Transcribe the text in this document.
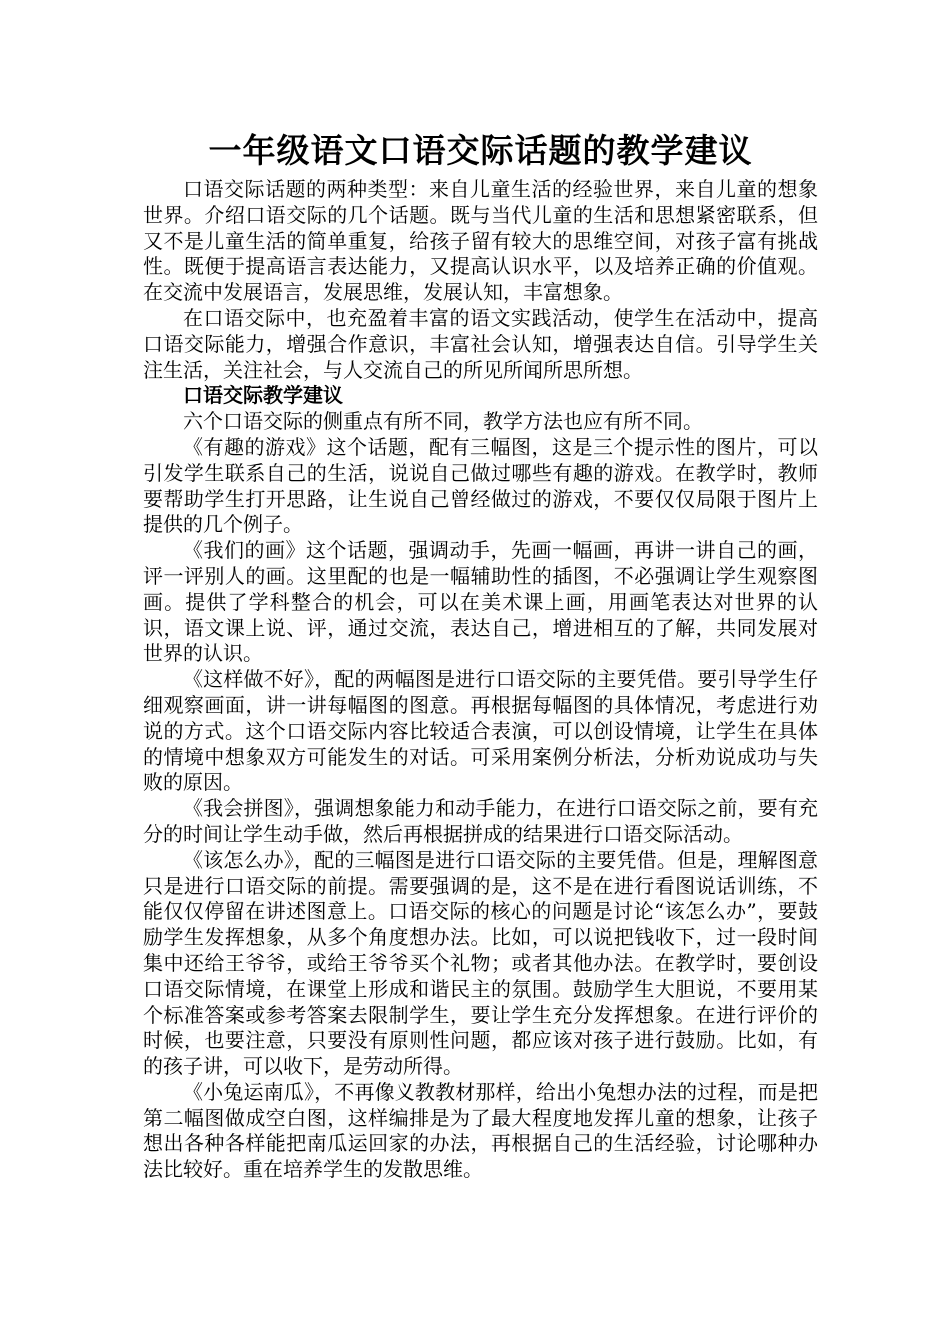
一年级语文口语交际话题的教学建议

口语交际话题的两种类型：来自儿童生活的经验世界，来自儿童的想象世界。介绍口语交际的几个话题。既与当代儿童的生活和思想紧密联系，但又不是儿童生活的简单重复，给孩子留有较大的思维空间，对孩子富有挑战性。既便于提高语言表达能力，又提高认识水平，以及培养正确的价值观。在交流中发展语言，发展思维，发展认知，丰富想象。

在口语交际中，也充盈着丰富的语文实践活动，使学生在活动中，提高口语交际能力，增强合作意识，丰富社会认知，增强表达自信。引导学生关注生活，关注社会，与人交流自己的所见所闻所思所想。

口语交际教学建议

六个口语交际的侧重点有所不同，教学方法也应有所不同。

《有趣的游戏》这个话题，配有三幅图，这是三个提示性的图片，可以引发学生联系自己的生活，说说自己做过哪些有趣的游戏。在教学时，教师要帮助学生打开思路，让生说自己曾经做过的游戏，不要仅仅局限于图片上提供的几个例子。

《我们的画》这个话题，强调动手，先画一幅画，再讲一讲自己的画，评一评别人的画。这里配的也是一幅辅助性的插图，不必强调让学生观察图画。提供了学科整合的机会，可以在美术课上画，用画笔表达对世界的认识，语文课上说、评，通过交流，表达自己，增进相互的了解，共同发展对世界的认识。

《这样做不好》，配的两幅图是进行口语交际的主要凭借。要引导学生仔细观察画面，讲一讲每幅图的图意。再根据每幅图的具体情况，考虑进行劝说的方式。这个口语交际内容比较适合表演，可以创设情境，让学生在具体的情境中想象双方可能发生的对话。可采用案例分析法，分析劝说成功与失败的原因。

《我会拼图》，强调想象能力和动手能力，在进行口语交际之前，要有充分的时间让学生动手做，然后再根据拼成的结果进行口语交际活动。

《该怎么办》，配的三幅图是进行口语交际的主要凭借。但是，理解图意只是进行口语交际的前提。需要强调的是，这不是在进行看图说话训练，不能仅仅停留在讲述图意上。口语交际的核心的问题是讨论“该怎么办”，要鼓励学生发挥想象，从多个角度想办法。比如，可以说把钱收下，过一段时间集中还给王爷爷，或给王爷爷买个礼物；或者其他办法。在教学时，要创设口语交际情境，在课堂上形成和谐民主的氛围。鼓励学生大胆说，不要用某个标准答案或参考答案去限制学生，要让学生充分发挥想象。在进行评价的时候，也要注意，只要没有原则性问题，都应该对孩子进行鼓励。比如，有的孩子讲，可以收下，是劳动所得。

《小兔运南瓜》，不再像义教教材那样，给出小兔想办法的过程，而是把第二幅图做成空白图，这样编排是为了最大程度地发挥儿童的想象，让孩子想出各种各样能把南瓜运回家的办法，再根据自己的生活经验，讨论哪种办法比较好。重在培养学生的发散思维。
